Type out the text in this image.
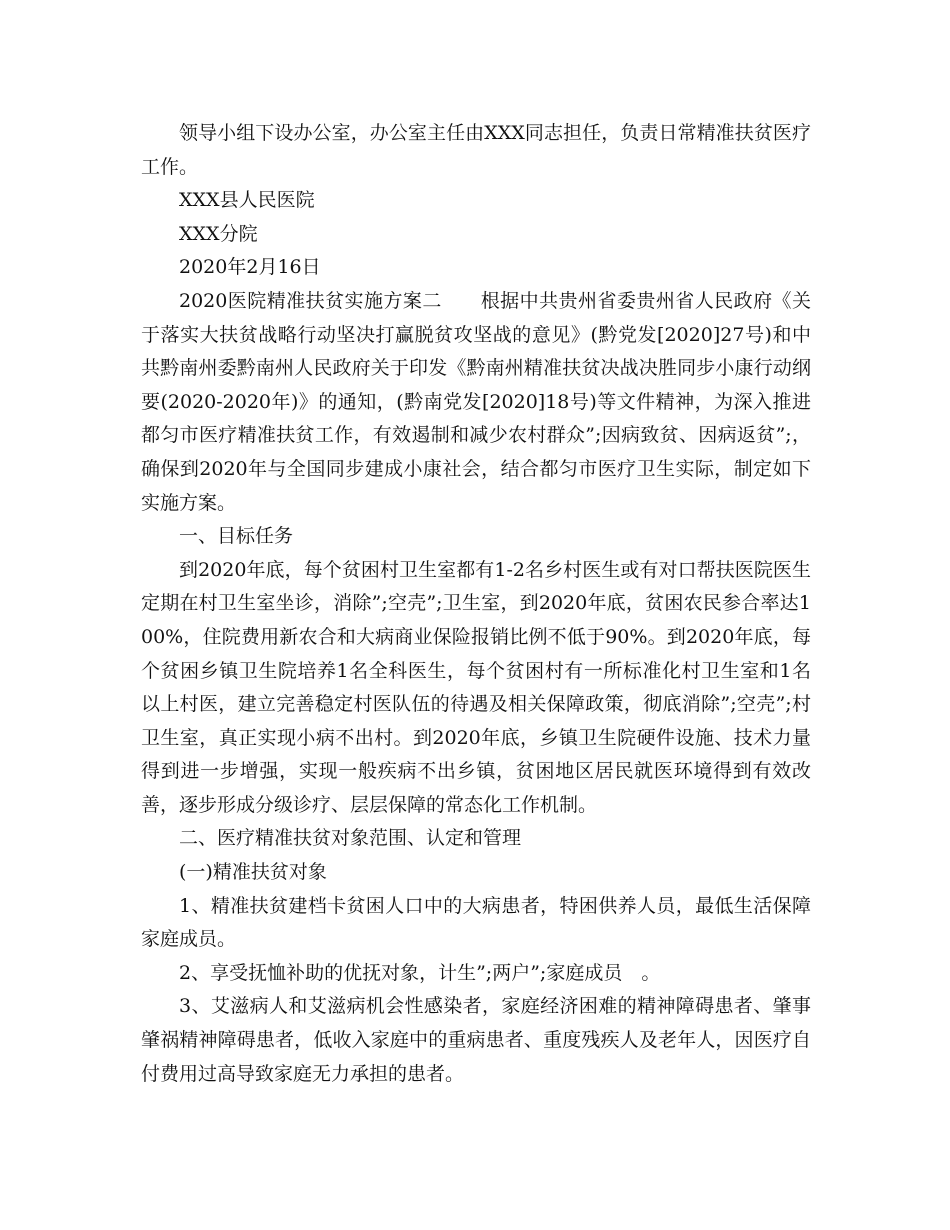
领导小组下设办公室，办公室主任由XXX同志担任，负责日常精准扶贫医疗工作。

XXX县人民医院

XXX分院

2020年2月16日

2020医院精准扶贫实施方案二　　根据中共贵州省委贵州省人民政府《关于落实大扶贫战略行动坚决打赢脱贫攻坚战的意见》(黔党发[2020]27号)和中共黔南州委黔南州人民政府关于印发《黔南州精准扶贫决战决胜同步小康行动纲要(2020-2020年)》的通知，(黔南党发[2020]18号)等文件精神，为深入推进都匀市医疗精准扶贫工作，有效遏制和减少农村群众”;因病致贫、因病返贫”;，确保到2020年与全国同步建成小康社会，结合都匀市医疗卫生实际，制定如下实施方案。

一、目标任务

到2020年底，每个贫困村卫生室都有1-2名乡村医生或有对口帮扶医院医生定期在村卫生室坐诊，消除”;空壳”;卫生室，到2020年底，贫困农民参合率达100%，住院费用新农合和大病商业保险报销比例不低于90%。到2020年底，每个贫困乡镇卫生院培养1名全科医生，每个贫困村有一所标准化村卫生室和1名以上村医，建立完善稳定村医队伍的待遇及相关保障政策，彻底消除”;空壳”;村卫生室，真正实现小病不出村。到2020年底，乡镇卫生院硬件设施、技术力量得到进一步增强，实现一般疾病不出乡镇，贫困地区居民就医环境得到有效改善，逐步形成分级诊疗、层层保障的常态化工作机制。

二、医疗精准扶贫对象范围、认定和管理

(一)精准扶贫对象

1、精准扶贫建档卡贫困人口中的大病患者，特困供养人员，最低生活保障家庭成员。

2、享受抚恤补助的优抚对象，计生”;两户”;家庭成员　。

3、艾滋病人和艾滋病机会性感染者，家庭经济困难的精神障碍患者、肇事肇祸精神障碍患者，低收入家庭中的重病患者、重度残疾人及老年人，因医疗自付费用过高导致家庭无力承担的患者。
